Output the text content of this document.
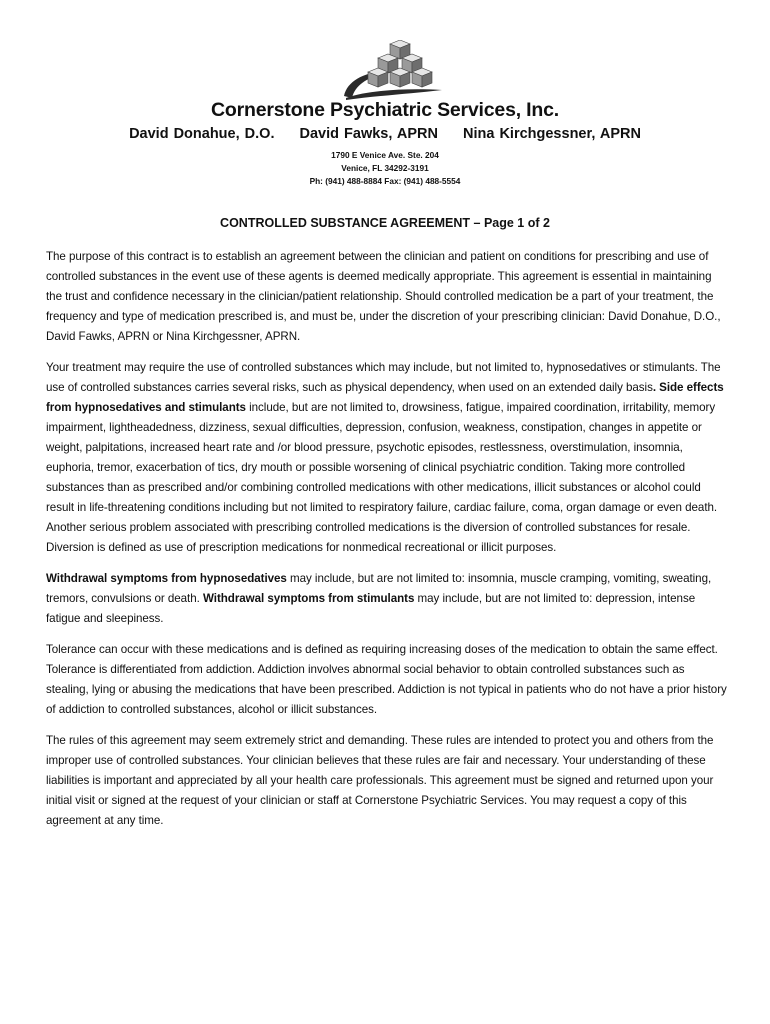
Cornerstone Psychiatric Services, Inc.
David Donahue, D.O. David Fawks, APRN Nina Kirchgessner, APRN
1790 E Venice Ave. Ste. 204
Venice, FL 34292-3191
Ph: (941) 488-8884 Fax: (941) 488-5554
CONTROLLED SUBSTANCE AGREEMENT – Page 1 of 2

The purpose of this contract is to establish an agreement between the clinician and patient on conditions for prescribing and use of controlled substances in the event use of these agents is deemed medically appropriate. This agreement is essential in maintaining the trust and confidence necessary in the clinician/patient relationship. Should controlled medication be a part of your treatment, the frequency and type of medication prescribed is, and must be, under the discretion of your prescribing clinician: David Donahue, D.O., David Fawks, APRN or Nina Kirchgessner, APRN.

Your treatment may require the use of controlled substances which may include, but not limited to, hypnosedatives or stimulants. The use of controlled substances carries several risks, such as physical dependency, when used on an extended daily basis. Side effects from hypnosedatives and stimulants include, but are not limited to, drowsiness, fatigue, impaired coordination, irritability, memory impairment, lightheadedness, dizziness, sexual difficulties, depression, confusion, weakness, constipation, changes in appetite or weight, palpitations, increased heart rate and /or blood pressure, psychotic episodes, restlessness, overstimulation, insomnia, euphoria, tremor, exacerbation of tics, dry mouth or possible worsening of clinical psychiatric condition. Taking more controlled substances than as prescribed and/or combining controlled medications with other medications, illicit substances or alcohol could result in life-threatening conditions including but not limited to respiratory failure, cardiac failure, coma, organ damage or even death. Another serious problem associated with prescribing controlled medications is the diversion of controlled substances for resale. Diversion is defined as use of prescription medications for nonmedical recreational or illicit purposes.

Withdrawal symptoms from hypnosedatives may include, but are not limited to: insomnia, muscle cramping, vomiting, sweating, tremors, convulsions or death. Withdrawal symptoms from stimulants may include, but are not limited to: depression, intense fatigue and sleepiness.

Tolerance can occur with these medications and is defined as requiring increasing doses of the medication to obtain the same effect. Tolerance is differentiated from addiction. Addiction involves abnormal social behavior to obtain controlled substances such as stealing, lying or abusing the medications that have been prescribed. Addiction is not typical in patients who do not have a prior history of addiction to controlled substances, alcohol or illicit substances.

The rules of this agreement may seem extremely strict and demanding. These rules are intended to protect you and others from the improper use of controlled substances. Your clinician believes that these rules are fair and necessary. Your understanding of these liabilities is important and appreciated by all your health care professionals. This agreement must be signed and returned upon your initial visit or signed at the request of your clinician or staff at Cornerstone Psychiatric Services. You may request a copy of this agreement at any time.
